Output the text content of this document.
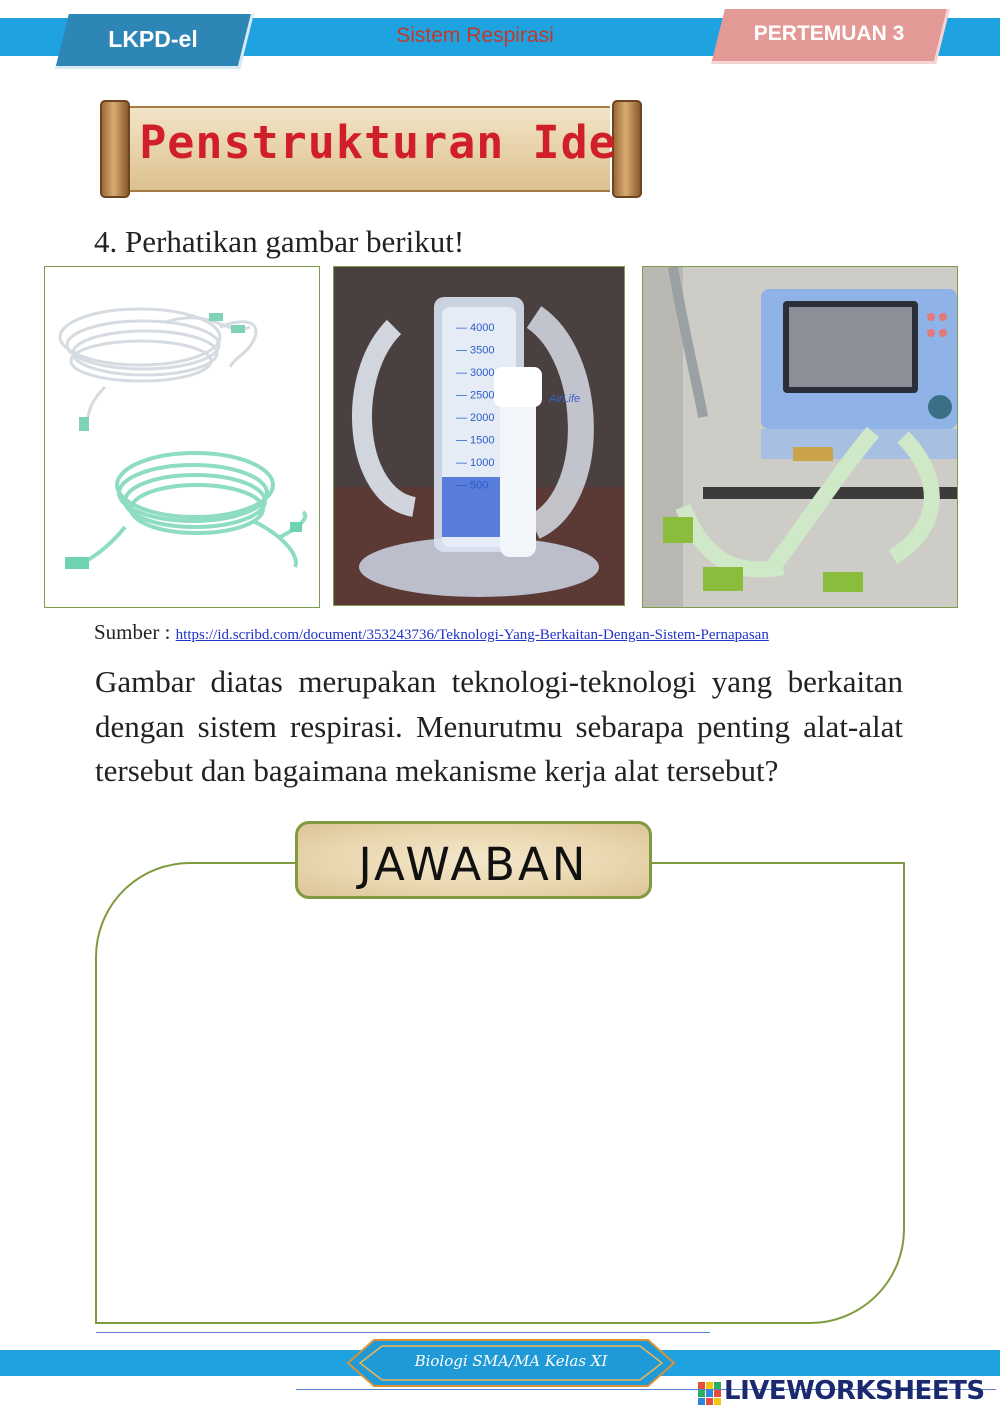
LKPD-el	Sistem Respirasi	PERTEMUAN 3
Penstrukturan Ide
4. Perhatikan gambar berikut!
AirLife
— 4000
— 3500
— 3000
— 2500
— 2000
— 1500
— 1000
— 500
Sumber : https://id.scribd.com/document/353243736/Teknologi-Yang-Berkaitan-Dengan-Sistem-Pernapasan
Gambar diatas merupakan teknologi-teknologi yang berkaitan dengan sistem respirasi. Menurutmu sebarapa penting alat-alat tersebut dan bagaimana mekanisme kerja alat tersebut?
JAWABAN
Biologi SMA/MA Kelas XI
LIVEWORKSHEETS
